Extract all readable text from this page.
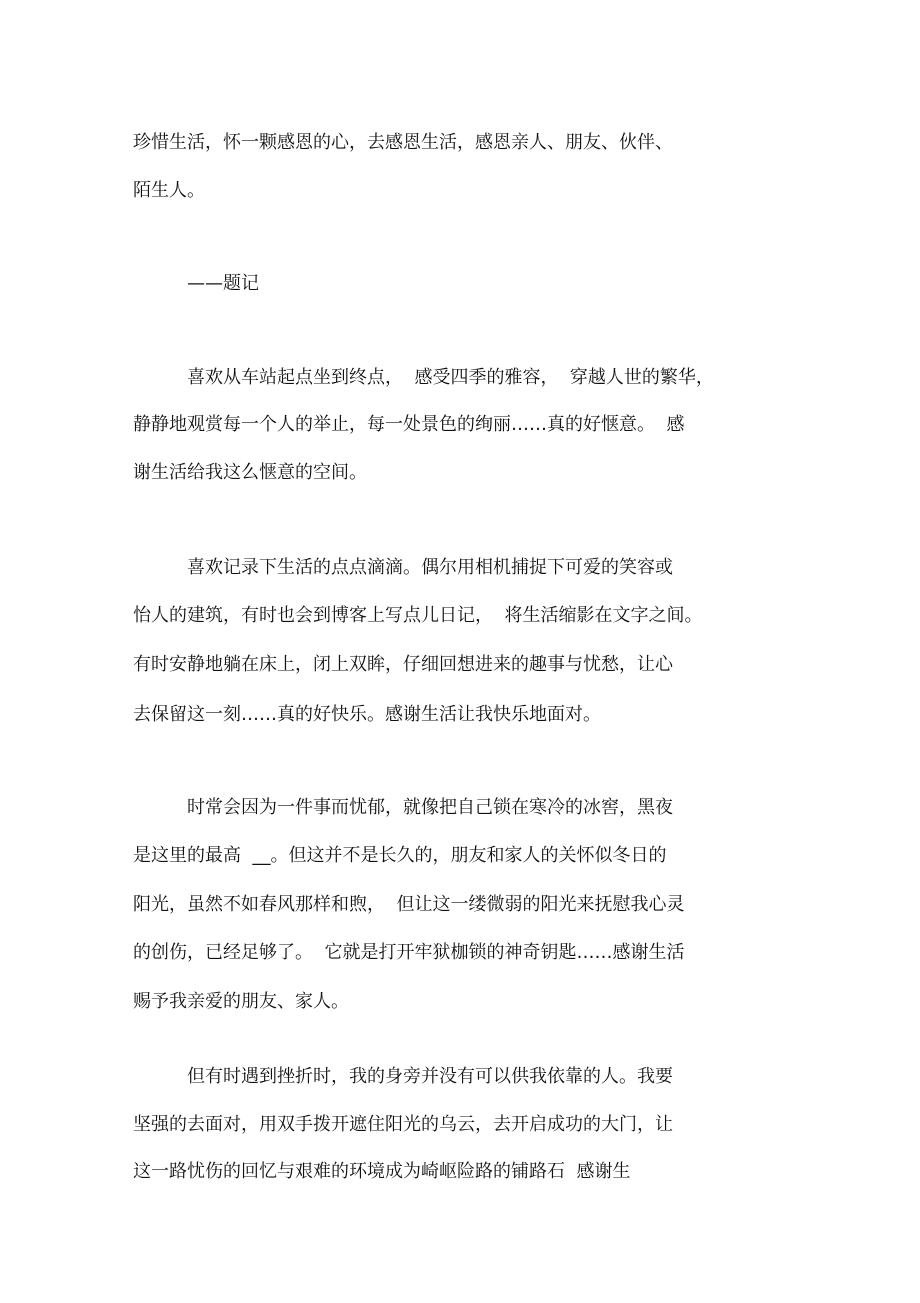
珍惜生活，怀一颗感恩的心，去感恩生活，感恩亲人、朋友、伙伴、
陌生人。
——题记
喜欢从车站起点坐到终点，  感受四季的雅容，  穿越人世的繁华，
静静地观赏每一个人的举止，每一处景色的绚丽……真的好惬意。  感
谢生活给我这么惬意的空间。
喜欢记录下生活的点点滴滴。偶尔用相机捕捉下可爱的笑容或
怡人的建筑，有时也会到博客上写点儿日记，  将生活缩影在文字之间。
有时安静地躺在床上，闭上双眸，仔细回想进来的趣事与忧愁，让心
去保留这一刻……真的好快乐。感谢生活让我快乐地面对。
时常会因为一件事而忧郁，就像把自己锁在寒冷的冰窖，黑夜
是这里的最高  __。但这并不是长久的，朋友和家人的关怀似冬日的
阳光，虽然不如春风那样和煦，  但让这一缕微弱的阳光来抚慰我心灵
的创伤，已经足够了。  它就是打开牢狱枷锁的神奇钥匙……感谢生活
赐予我亲爱的朋友、家人。
但有时遇到挫折时，我的身旁并没有可以供我依靠的人。我要
坚强的去面对，用双手拨开遮住阳光的乌云，去开启成功的大门，让
这一路忧伤的回忆与艰难的环境成为崎岖险路的铺路石  感谢生
